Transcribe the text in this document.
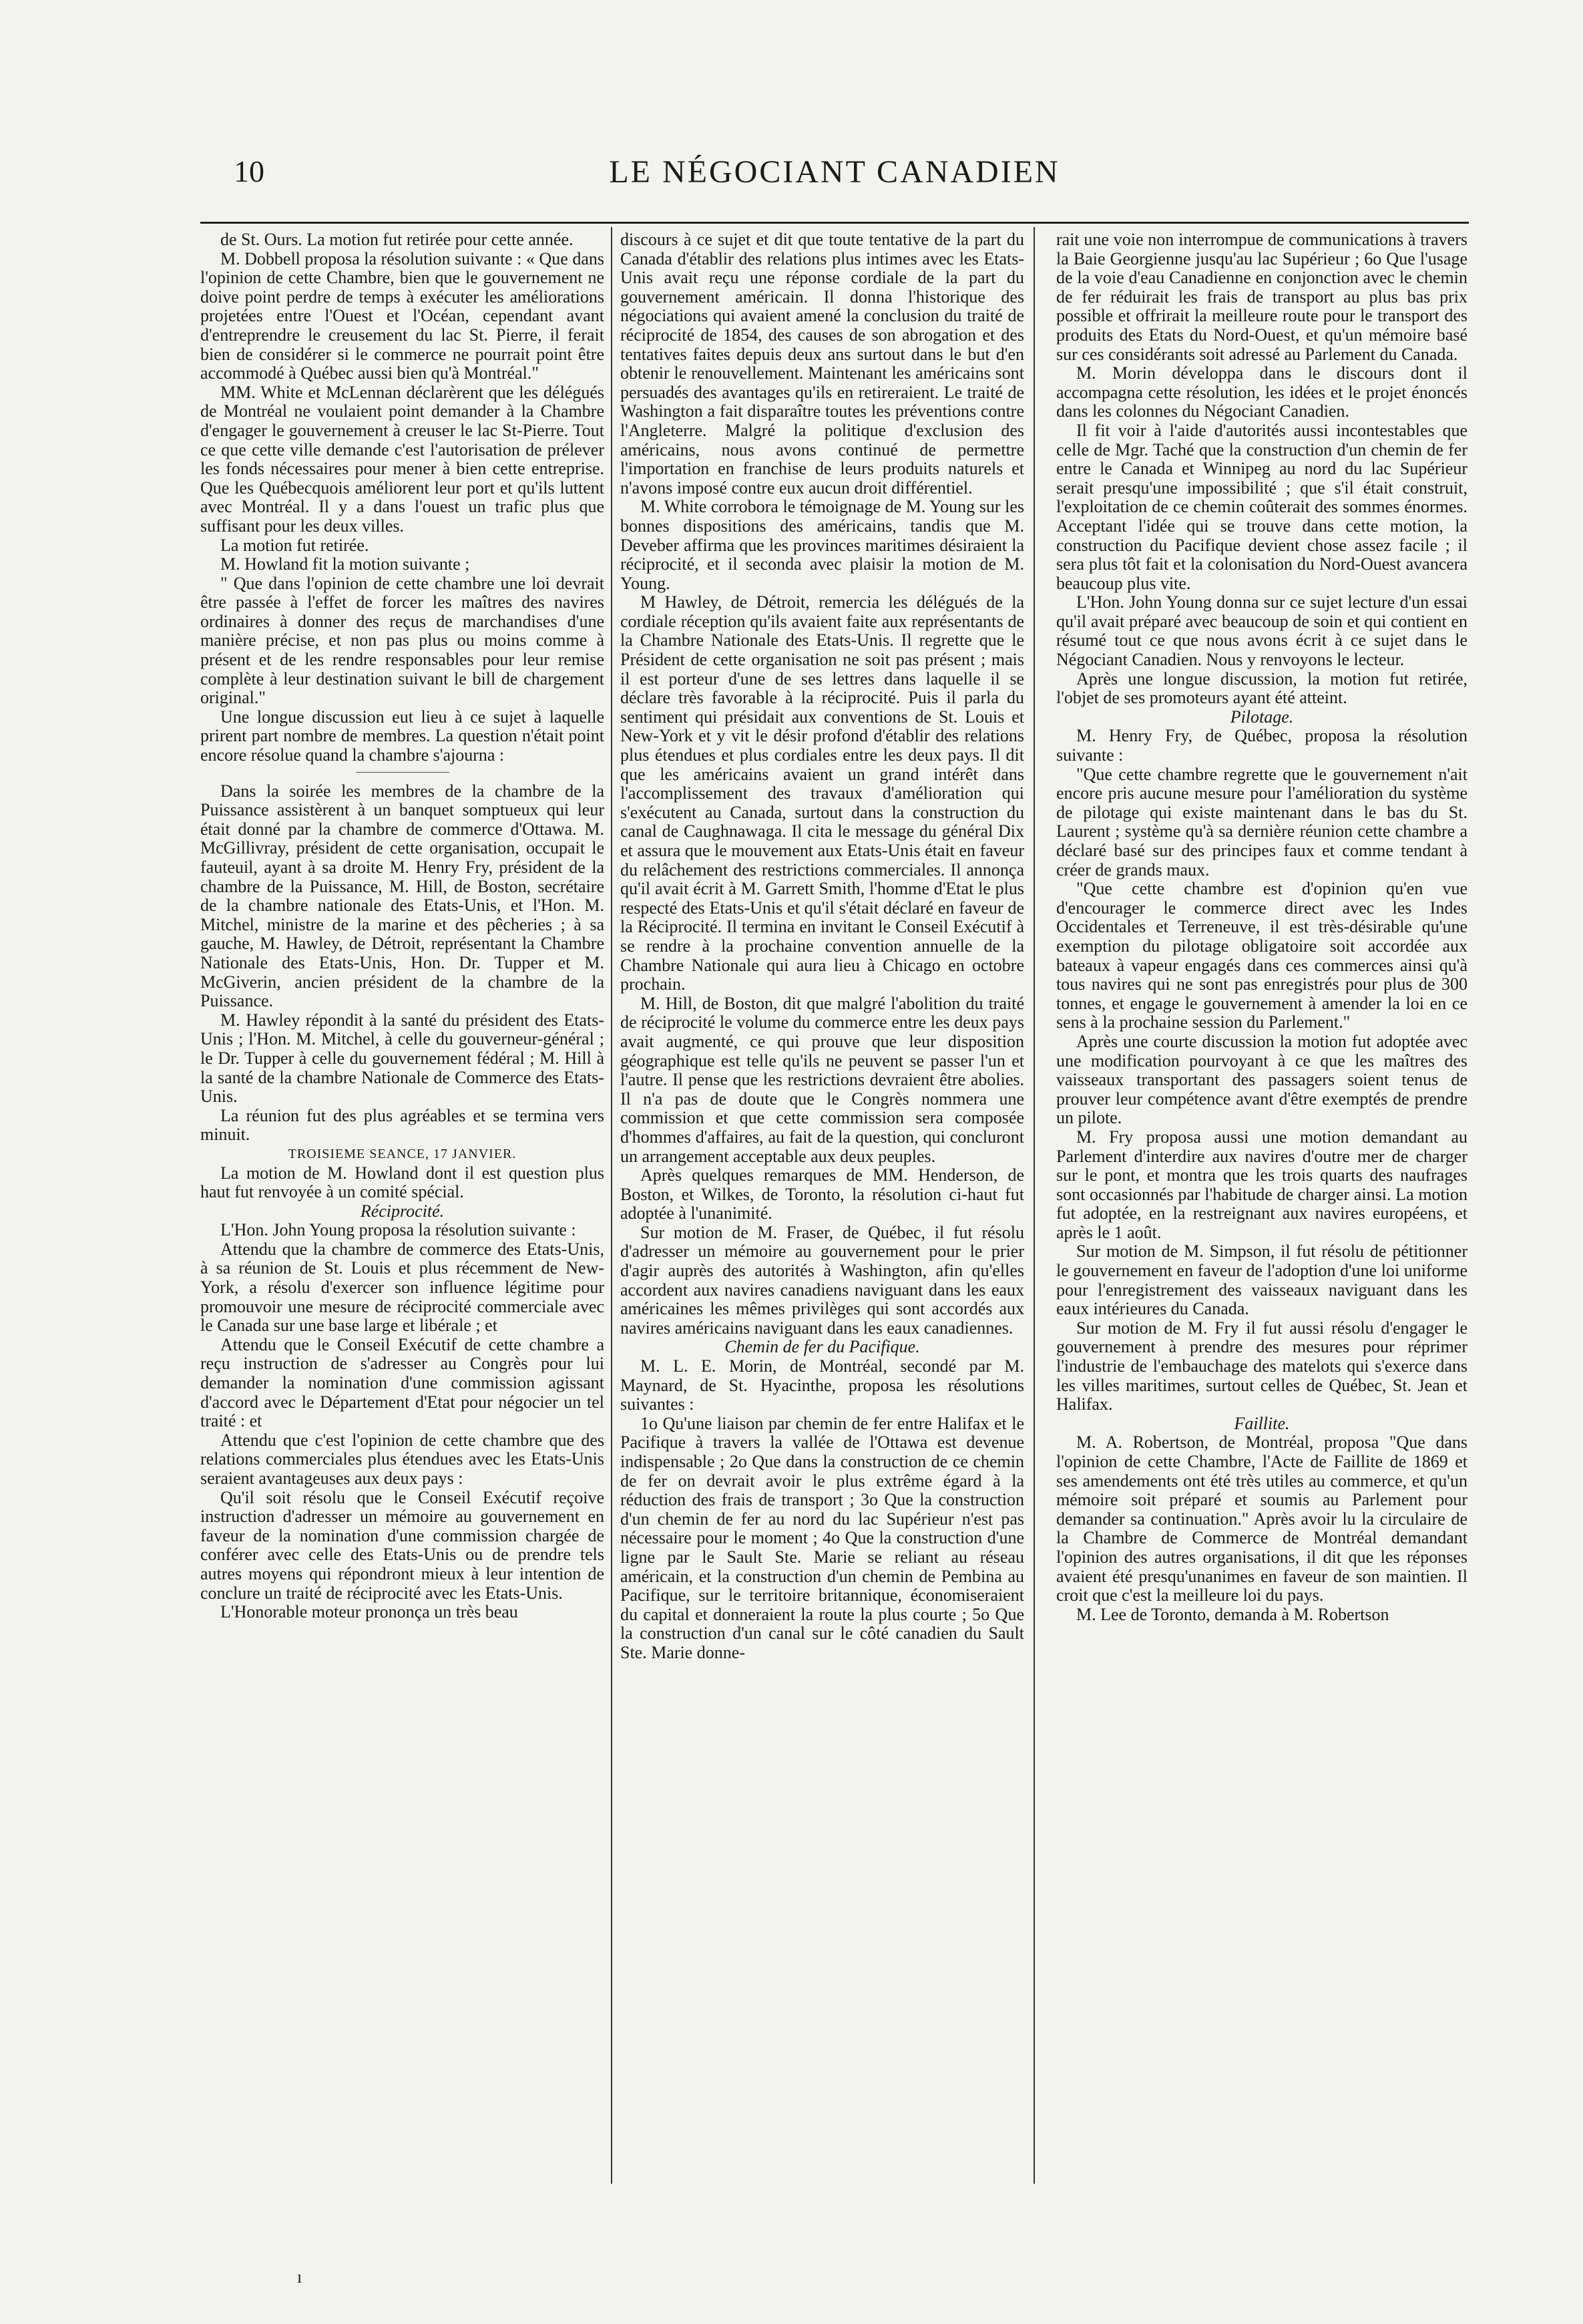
10	LE NÉGOCIANT CANADIEN

de St. Ours. La motion fut retirée pour cette année.

M. Dobbell proposa la résolution suivante : « Que dans l'opinion de cette Chambre, bien que le gouvernement ne doive point perdre de temps à exécuter les améliorations projetées entre l'Ouest et l'Océan, cependant avant d'entreprendre le creusement du lac St. Pierre, il ferait bien de considérer si le commerce ne pourrait point être accommodé à Québec aussi bien qu'à Montréal."

MM. White et McLennan déclarèrent que les délégués de Montréal ne voulaient point demander à la Chambre d'engager le gouvernement à creuser le lac St-Pierre. Tout ce que cette ville demande c'est l'autorisation de prélever les fonds nécessaires pour mener à bien cette entreprise. Que les Québecquois améliorent leur port et qu'ils luttent avec Montréal. Il y a dans l'ouest un trafic plus que suffisant pour les deux villes.

La motion fut retirée.

M. Howland fit la motion suivante ;

" Que dans l'opinion de cette chambre une loi devrait être passée à l'effet de forcer les maîtres des navires ordinaires à donner des reçus de marchandises d'une manière précise, et non pas plus ou moins comme à présent et de les rendre responsables pour leur remise complète à leur destination suivant le bill de chargement original."

Une longue discussion eut lieu à ce sujet à laquelle prirent part nombre de membres. La question n'était point encore résolue quand la chambre s'ajourna :

Dans la soirée les membres de la chambre de la Puissance assistèrent à un banquet somptueux qui leur était donné par la chambre de commerce d'Ottawa. M. McGillivray, président de cette organisation, occupait le fauteuil, ayant à sa droite M. Henry Fry, président de la chambre de la Puissance, M. Hill, de Boston, secrétaire de la chambre nationale des Etats-Unis, et l'Hon. M. Mitchel, ministre de la marine et des pêcheries ; à sa gauche, M. Hawley, de Détroit, représentant la Chambre Nationale des Etats-Unis, Hon. Dr. Tupper et M. McGiverin, ancien président de la chambre de la Puissance.

M. Hawley répondit à la santé du président des Etats-Unis ; l'Hon. M. Mitchel, à celle du gouverneur-général ; le Dr. Tupper à celle du gouvernement fédéral ; M. Hill à la santé de la chambre Nationale de Commerce des Etats-Unis.

La réunion fut des plus agréables et se termina vers minuit.

TROISIEME SEANCE, 17 JANVIER.

La motion de M. Howland dont il est question plus haut fut renvoyée à un comité spécial.

Réciprocité.

L'Hon. John Young proposa la résolution suivante :

Attendu que la chambre de commerce des Etats-Unis, à sa réunion de St. Louis et plus récemment de New-York, a résolu d'exercer son influence légitime pour promouvoir une mesure de réciprocité commerciale avec le Canada sur une base large et libérale ; et

Attendu que le Conseil Exécutif de cette chambre a reçu instruction de s'adresser au Congrès pour lui demander la nomination d'une commission agissant d'accord avec le Département d'Etat pour négocier un tel traité : et

Attendu que c'est l'opinion de cette chambre que des relations commerciales plus étendues avec les Etats-Unis seraient avantageuses aux deux pays :

Qu'il soit résolu que le Conseil Exécutif reçoive instruction d'adresser un mémoire au gouvernement en faveur de la nomination d'une commission chargée de conférer avec celle des Etats-Unis ou de prendre tels autres moyens qui répondront mieux à leur intention de conclure un traité de réciprocité avec les Etats-Unis.

L'Honorable moteur prononça un très beau

discours à ce sujet et dit que toute tentative de la part du Canada d'établir des relations plus intimes avec les Etats-Unis avait reçu une réponse cordiale de la part du gouvernement américain. Il donna l'historique des négociations qui avaient amené la conclusion du traité de réciprocité de 1854, des causes de son abrogation et des tentatives faites depuis deux ans surtout dans le but d'en obtenir le renouvellement. Maintenant les américains sont persuadés des avantages qu'ils en retireraient. Le traité de Washington a fait disparaître toutes les préventions contre l'Angleterre. Malgré la politique d'exclusion des américains, nous avons continué de permettre l'importation en franchise de leurs produits naturels et n'avons imposé contre eux aucun droit différentiel.

M. White corrobora le témoignage de M. Young sur les bonnes dispositions des américains, tandis que M. Deveber affirma que les provinces maritimes désiraient la réciprocité, et il seconda avec plaisir la motion de M. Young.

M Hawley, de Détroit, remercia les délégués de la cordiale réception qu'ils avaient faite aux représentants de la Chambre Nationale des Etats-Unis. Il regrette que le Président de cette organisation ne soit pas présent ; mais il est porteur d'une de ses lettres dans laquelle il se déclare très favorable à la réciprocité. Puis il parla du sentiment qui présidait aux conventions de St. Louis et New-York et y vit le désir profond d'établir des relations plus étendues et plus cordiales entre les deux pays. Il dit que les américains avaient un grand intérêt dans l'accomplissement des travaux d'amélioration qui s'exécutent au Canada, surtout dans la construction du canal de Caughnawaga. Il cita le message du général Dix et assura que le mouvement aux Etats-Unis était en faveur du relâchement des restrictions commerciales. Il annonça qu'il avait écrit à M. Garrett Smith, l'homme d'Etat le plus respecté des Etats-Unis et qu'il s'était déclaré en faveur de la Réciprocité. Il termina en invitant le Conseil Exécutif à se rendre à la prochaine convention annuelle de la Chambre Nationale qui aura lieu à Chicago en octobre prochain.

M. Hill, de Boston, dit que malgré l'abolition du traité de réciprocité le volume du commerce entre les deux pays avait augmenté, ce qui prouve que leur disposition géographique est telle qu'ils ne peuvent se passer l'un et l'autre. Il pense que les restrictions devraient être abolies. Il n'a pas de doute que le Congrès nommera une commission et que cette commission sera composée d'hommes d'affaires, au fait de la question, qui concluront un arrangement acceptable aux deux peuples.

Après quelques remarques de MM. Henderson, de Boston, et Wilkes, de Toronto, la résolution ci-haut fut adoptée à l'unanimité.

Sur motion de M. Fraser, de Québec, il fut résolu d'adresser un mémoire au gouvernement pour le prier d'agir auprès des autorités à Washington, afin qu'elles accordent aux navires canadiens naviguant dans les eaux américaines les mêmes privilèges qui sont accordés aux navires américains naviguant dans les eaux canadiennes.

Chemin de fer du Pacifique.

M. L. E. Morin, de Montréal, secondé par M. Maynard, de St. Hyacinthe, proposa les résolutions suivantes :

1o Qu'une liaison par chemin de fer entre Halifax et le Pacifique à travers la vallée de l'Ottawa est devenue indispensable ; 2o Que dans la construction de ce chemin de fer on devrait avoir le plus extrême égard à la réduction des frais de transport ; 3o Que la construction d'un chemin de fer au nord du lac Supérieur n'est pas nécessaire pour le moment ; 4o Que la construction d'une ligne par le Sault Ste. Marie se reliant au réseau américain, et la construction d'un chemin de Pembina au Pacifique, sur le territoire britannique, économiseraient du capital et donneraient la route la plus courte ; 5o Que la construction d'un canal sur le côté canadien du Sault Ste. Marie donne-

rait une voie non interrompue de communications à travers la Baie Georgienne jusqu'au lac Supérieur ; 6o Que l'usage de la voie d'eau Canadienne en conjonction avec le chemin de fer réduirait les frais de transport au plus bas prix possible et offrirait la meilleure route pour le transport des produits des Etats du Nord-Ouest, et qu'un mémoire basé sur ces considérants soit adressé au Parlement du Canada.

M. Morin développa dans le discours dont il accompagna cette résolution, les idées et le projet énoncés dans les colonnes du Négociant Canadien.

Il fit voir à l'aide d'autorités aussi incontestables que celle de Mgr. Taché que la construction d'un chemin de fer entre le Canada et Winnipeg au nord du lac Supérieur serait presqu'une impossibilité ; que s'il était construit, l'exploitation de ce chemin coûterait des sommes énormes. Acceptant l'idée qui se trouve dans cette motion, la construction du Pacifique devient chose assez facile ; il sera plus tôt fait et la colonisation du Nord-Ouest avancera beaucoup plus vite.

L'Hon. John Young donna sur ce sujet lecture d'un essai qu'il avait préparé avec beaucoup de soin et qui contient en résumé tout ce que nous avons écrit à ce sujet dans le Négociant Canadien. Nous y renvoyons le lecteur.

Après une longue discussion, la motion fut retirée, l'objet de ses promoteurs ayant été atteint.

Pilotage.

M. Henry Fry, de Québec, proposa la résolution suivante :

"Que cette chambre regrette que le gouvernement n'ait encore pris aucune mesure pour l'amélioration du système de pilotage qui existe maintenant dans le bas du St. Laurent ; système qu'à sa dernière réunion cette chambre a déclaré basé sur des principes faux et comme tendant à créer de grands maux.

"Que cette chambre est d'opinion qu'en vue d'encourager le commerce direct avec les Indes Occidentales et Terreneuve, il est très-désirable qu'une exemption du pilotage obligatoire soit accordée aux bateaux à vapeur engagés dans ces commerces ainsi qu'à tous navires qui ne sont pas enregistrés pour plus de 300 tonnes, et engage le gouvernement à amender la loi en ce sens à la prochaine session du Parlement."

Après une courte discussion la motion fut adoptée avec une modification pourvoyant à ce que les maîtres des vaisseaux transportant des passagers soient tenus de prouver leur compétence avant d'être exemptés de prendre un pilote.

M. Fry proposa aussi une motion demandant au Parlement d'interdire aux navires d'outre mer de charger sur le pont, et montra que les trois quarts des naufrages sont occasionnés par l'habitude de charger ainsi. La motion fut adoptée, en la restreignant aux navires européens, et après le 1 août.

Sur motion de M. Simpson, il fut résolu de pétitionner le gouvernement en faveur de l'adoption d'une loi uniforme pour l'enregistrement des vaisseaux naviguant dans les eaux intérieures du Canada.

Sur motion de M. Fry il fut aussi résolu d'engager le gouvernement à prendre des mesures pour réprimer l'industrie de l'embauchage des matelots qui s'exerce dans les villes maritimes, surtout celles de Québec, St. Jean et Halifax.

Faillite.

M. A. Robertson, de Montréal, proposa "Que dans l'opinion de cette Chambre, l'Acte de Faillite de 1869 et ses amendements ont été très utiles au commerce, et qu'un mémoire soit préparé et soumis au Parlement pour demander sa continuation." Après avoir lu la circulaire de la Chambre de Commerce de Montréal demandant l'opinion des autres organisations, il dit que les réponses avaient été presqu'unanimes en faveur de son maintien. Il croit que c'est la meilleure loi du pays.

M. Lee de Toronto, demanda à M. Robertson

ı
